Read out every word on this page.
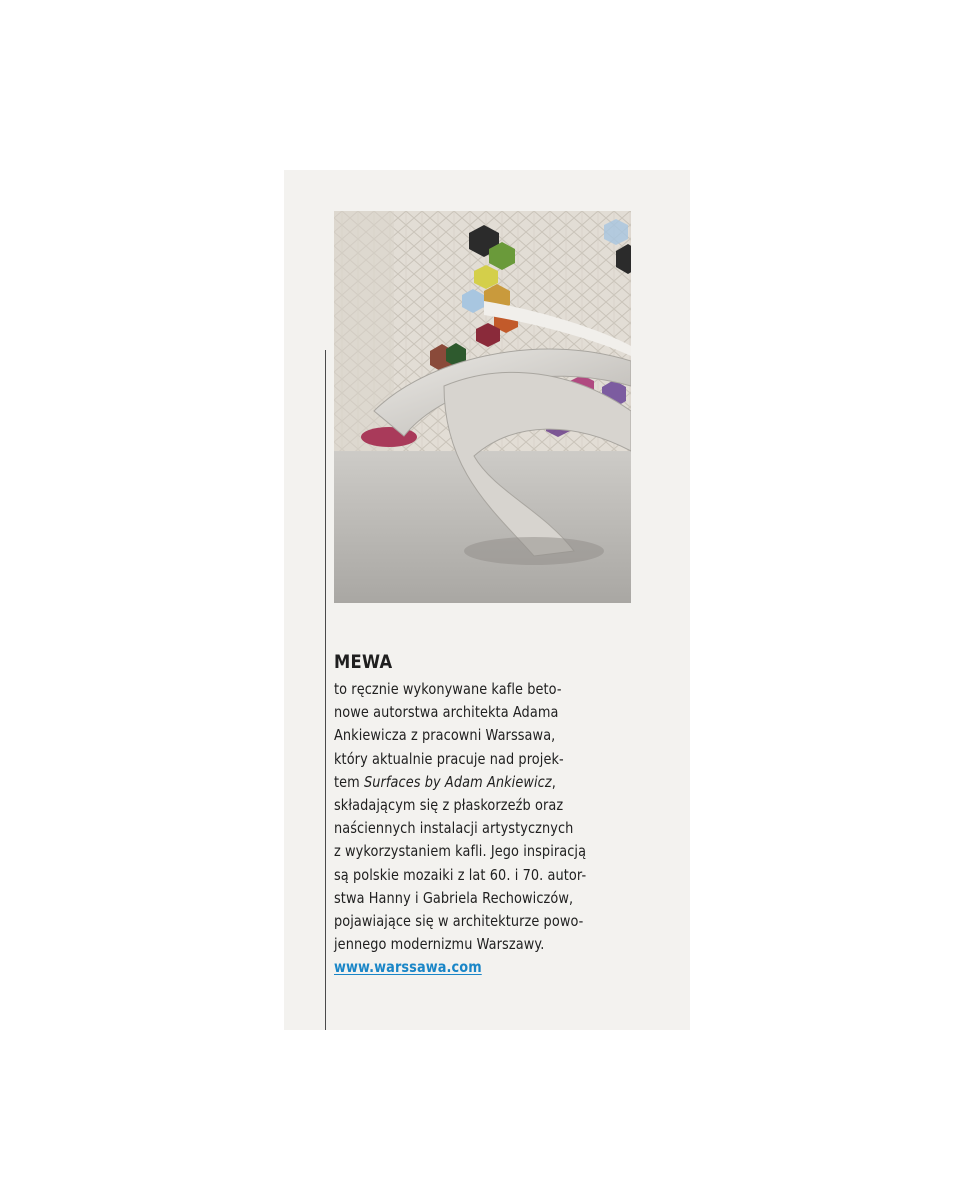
MEWA
to ręcznie wykonywane kafle beto-
nowe autorstwa architekta Adama
Ankiewicza z pracowni Warssawa,
który aktualnie pracuje nad projek-
tem Surfaces by Adam Ankiewicz,
składającym się z płaskorzeźb oraz
naściennych instalacji artystycznych
z wykorzystaniem kafli. Jego inspiracją
są polskie mozaiki z lat 60. i 70. autor-
stwa Hanny i Gabriela Rechowiczów,
pojawiające się w architekturze powo-
jennego modernizmu Warszawy.
www.warssawa.com
